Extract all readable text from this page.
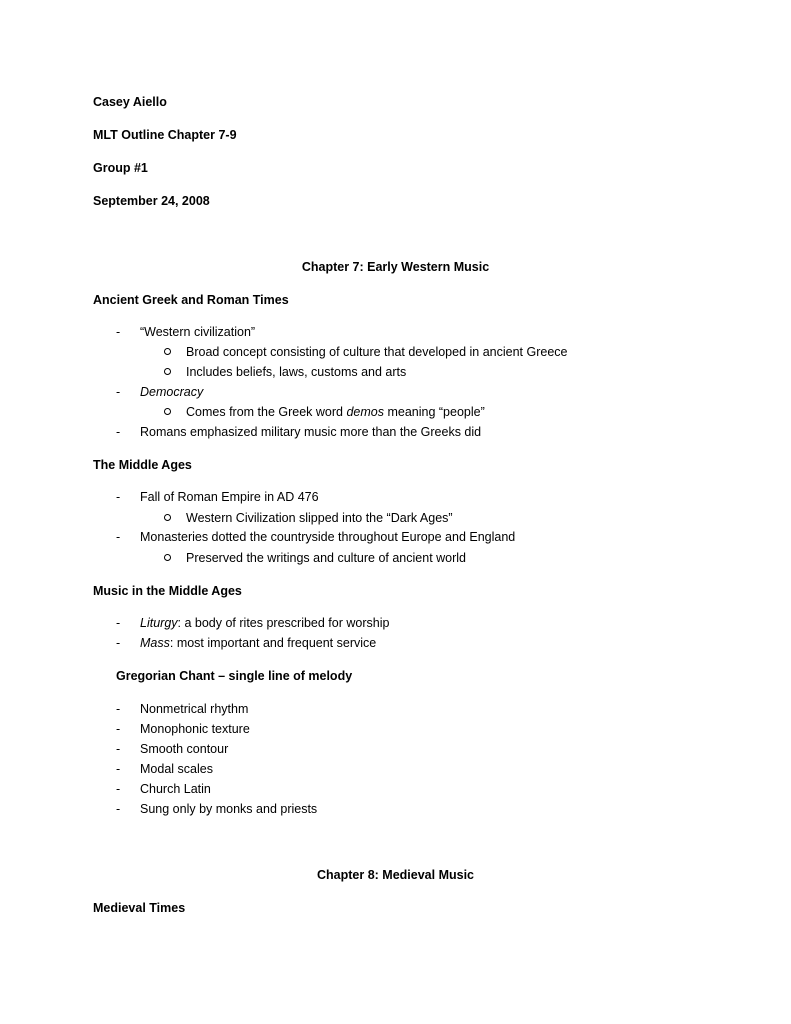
Casey Aiello
MLT Outline Chapter 7-9
Group #1
September 24, 2008
Chapter 7: Early Western Music
Ancient Greek and Roman Times
- “Western civilization”
Broad concept consisting of culture that developed in ancient Greece
Includes beliefs, laws, customs and arts
- Democracy
Comes from the Greek word demos meaning “people”
- Romans emphasized military music more than the Greeks did
The Middle Ages
- Fall of Roman Empire in AD 476
Western Civilization slipped into the “Dark Ages”
- Monasteries dotted the countryside throughout Europe and England
Preserved the writings and culture of ancient world
Music in the Middle Ages
- Liturgy: a body of rites prescribed for worship
- Mass: most important and frequent service
Gregorian Chant – single line of melody
- Nonmetrical rhythm
- Monophonic texture
- Smooth contour
- Modal scales
- Church Latin
- Sung only by monks and priests
Chapter 8: Medieval Music
Medieval Times
